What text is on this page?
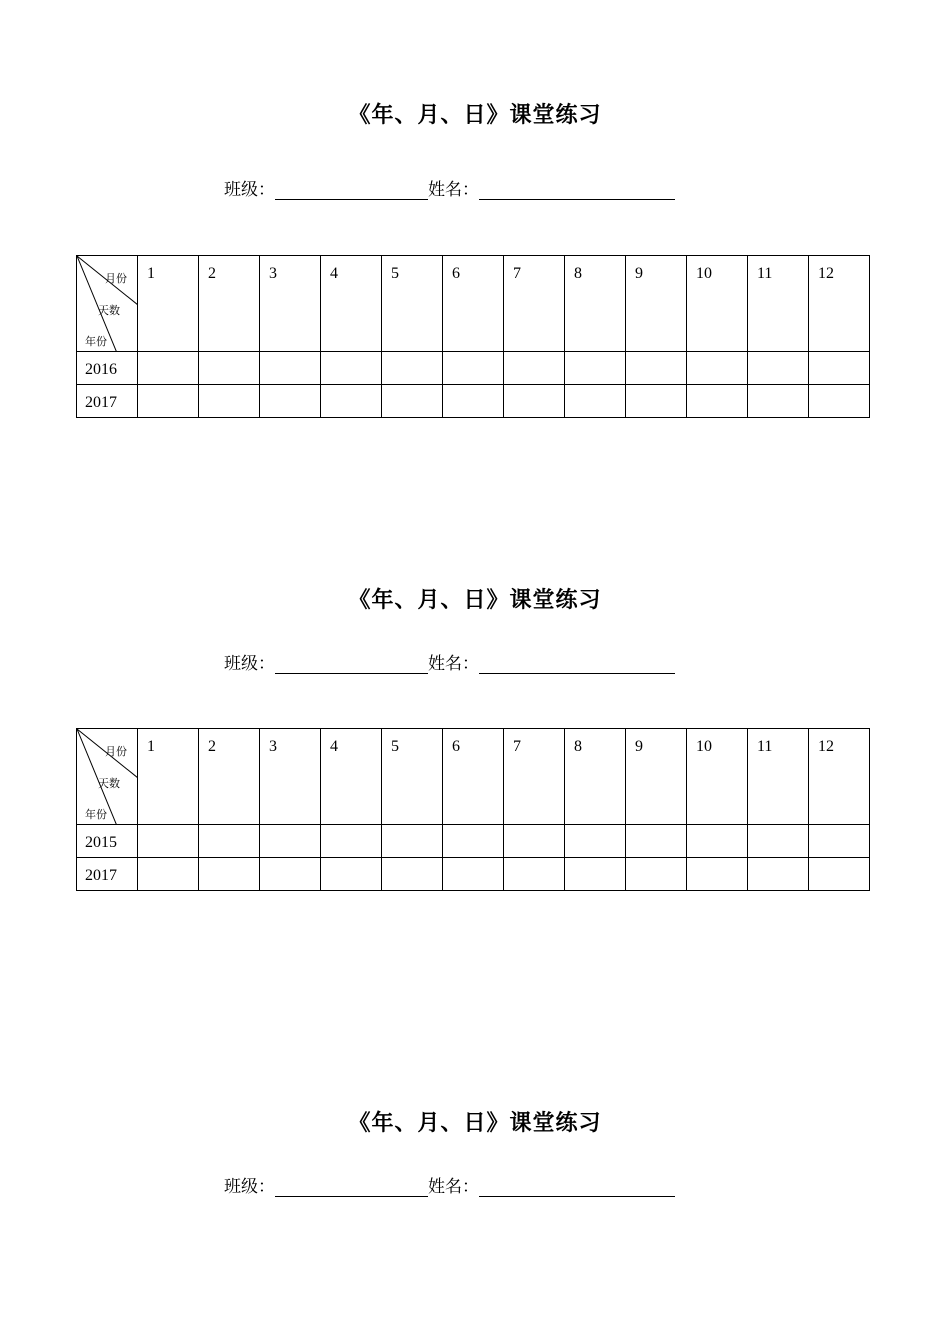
《年、月、日》课堂练习
班级：	姓名：
月份
天数
年份	1	2	3	4	5	6	7	8	9	10	11	12

2016												

2017												

《年、月、日》课堂练习
班级：	姓名：
月份
天数
年份	1	2	3	4	5	6	7	8	9	10	11	12

2015												

2017												

《年、月、日》课堂练习
班级：	姓名：
